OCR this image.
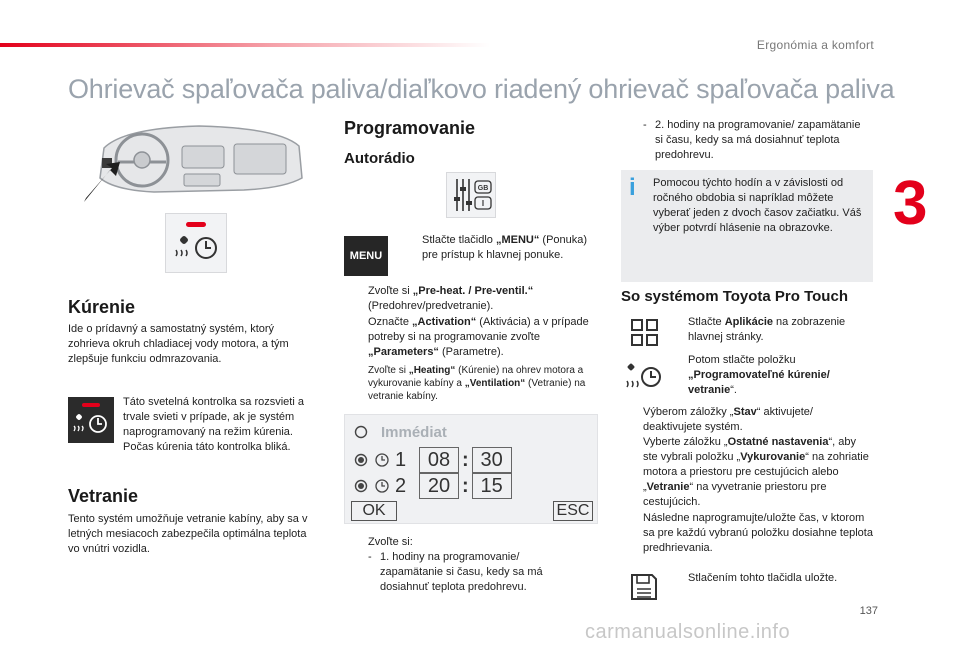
Ergonómia a komfort
Ohrievač spaľovača paliva/diaľkovo riadený ohrievač spaľovača paliva
3
137
carmanualsonline.info
Kúrenie
Ide o prídavný a samostatný systém, ktorý zohrieva okruh chladiacej vody motora, a tým zlepšuje funkciu odmrazovania.
Táto svetelná kontrolka sa rozsvieti a trvale svieti v prípade, ak je systém naprogramovaný na režim kúrenia. Počas kúrenia táto kontrolka bliká.
Vetranie
Tento systém umožňuje vetranie kabíny, aby sa v letných mesiacoch zabezpečila optimálna teplota vo vnútri vozidla.
Programovanie
Autorádio
GB
I
MENU
Stlačte tlačidlo „MENU“ (Ponuka) pre prístup k hlavnej ponuke.
Zvoľte si „Pre-heat. / Pre-ventil.“ (Predohrev/predvetranie).
Označte „Activation“ (Aktivácia) a v prípade potreby si na programovanie zvoľte „Parameters“ (Parametre).
Zvoľte si „Heating“ (Kúrenie) na ohrev motora a vykurovanie kabíny a „Ventilation“ (Vetranie) na vetranie kabíny.
Immédiat
1	08 : 30
2	20 : 15
OK	ESC
Zvoľte si:
- 1. hodiny na programovanie/ zapamätanie si času, kedy sa má dosiahnuť teplota predohrevu.
- 2. hodiny na programovanie/ zapamätanie si času, kedy sa má dosiahnuť teplota predohrevu.
i Pomocou týchto hodín a v závislosti od ročného obdobia si napríklad môžete vyberať jeden z dvoch časov začiatku. Váš výber potvrdí hlásenie na obrazovke.
So systémom Toyota Pro Touch
Stlačte Aplikácie na zobrazenie hlavnej stránky.
Potom stlačte položku „Programovateľné kúrenie/ vetranie“.
Výberom záložky „Stav“ aktivujete/ deaktivujete systém.
Vyberte záložku „Ostatné nastavenia“, aby ste vybrali položku „Vykurovanie“ na zohriatie motora a priestoru pre cestujúcich alebo „Vetranie“ na vyvetranie priestoru pre cestujúcich.
Následne naprogramujte/uložte čas, v ktorom sa pre každú vybranú položku dosiahne teplota predhrievania.
Stlačením tohto tlačidla uložte.
